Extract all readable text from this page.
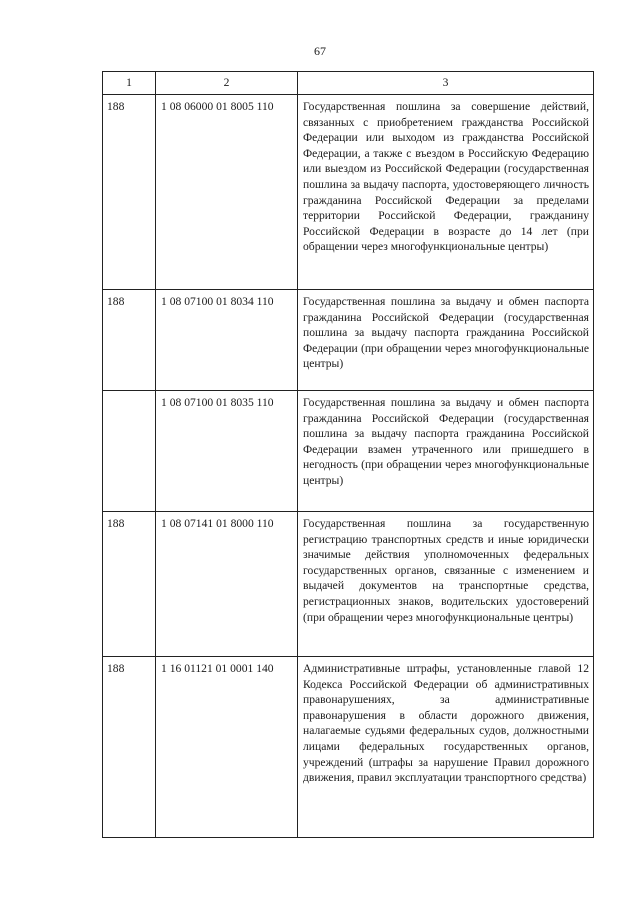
67
1	2	3
188	1 08 06000 01 8005 110	Государственная пошлина за совершение действий, связанных с приобретением гражданства Российской Федерации или выходом из гражданства Российской Федерации, а также с въездом в Российскую Федерацию или выездом из Российской Федерации (государственная пошлина за выдачу паспорта, удостоверяющего личность гражданина Российской Федерации за пределами территории Российской Федерации, гражданину Российской Федерации в возрасте до 14 лет (при обращении через многофункциональные центры)
188	1 08 07100 01 8034 110	Государственная пошлина за выдачу и обмен паспорта гражданина Российской Федерации (государственная пошлина за выдачу паспорта гражданина Российской Федерации (при обращении через многофункциональные центры)
	1 08 07100 01 8035 110	Государственная пошлина за выдачу и обмен паспорта гражданина Российской Федерации (государственная пошлина за выдачу паспорта гражданина Российской Федерации взамен утраченного или пришедшего в негодность (при обращении через многофункциональные центры)
188	1 08 07141 01 8000 110	Государственная пошлина за государственную регистрацию транспортных средств и иные юридически значимые действия уполномоченных федеральных государственных органов, связанные с изменением и выдачей документов на транспортные средства, регистрационных знаков, водительских удостоверений (при обращении через многофункциональные центры)
188	1 16 01121 01 0001 140	Административные штрафы, установленные главой 12 Кодекса Российской Федерации об административных правонарушениях, за административные правонарушения в области дорожного движения, налагаемые судьями федеральных судов, должностными лицами федеральных государственных органов, учреждений (штрафы за нарушение Правил дорожного движения, правил эксплуатации транспортного средства)
